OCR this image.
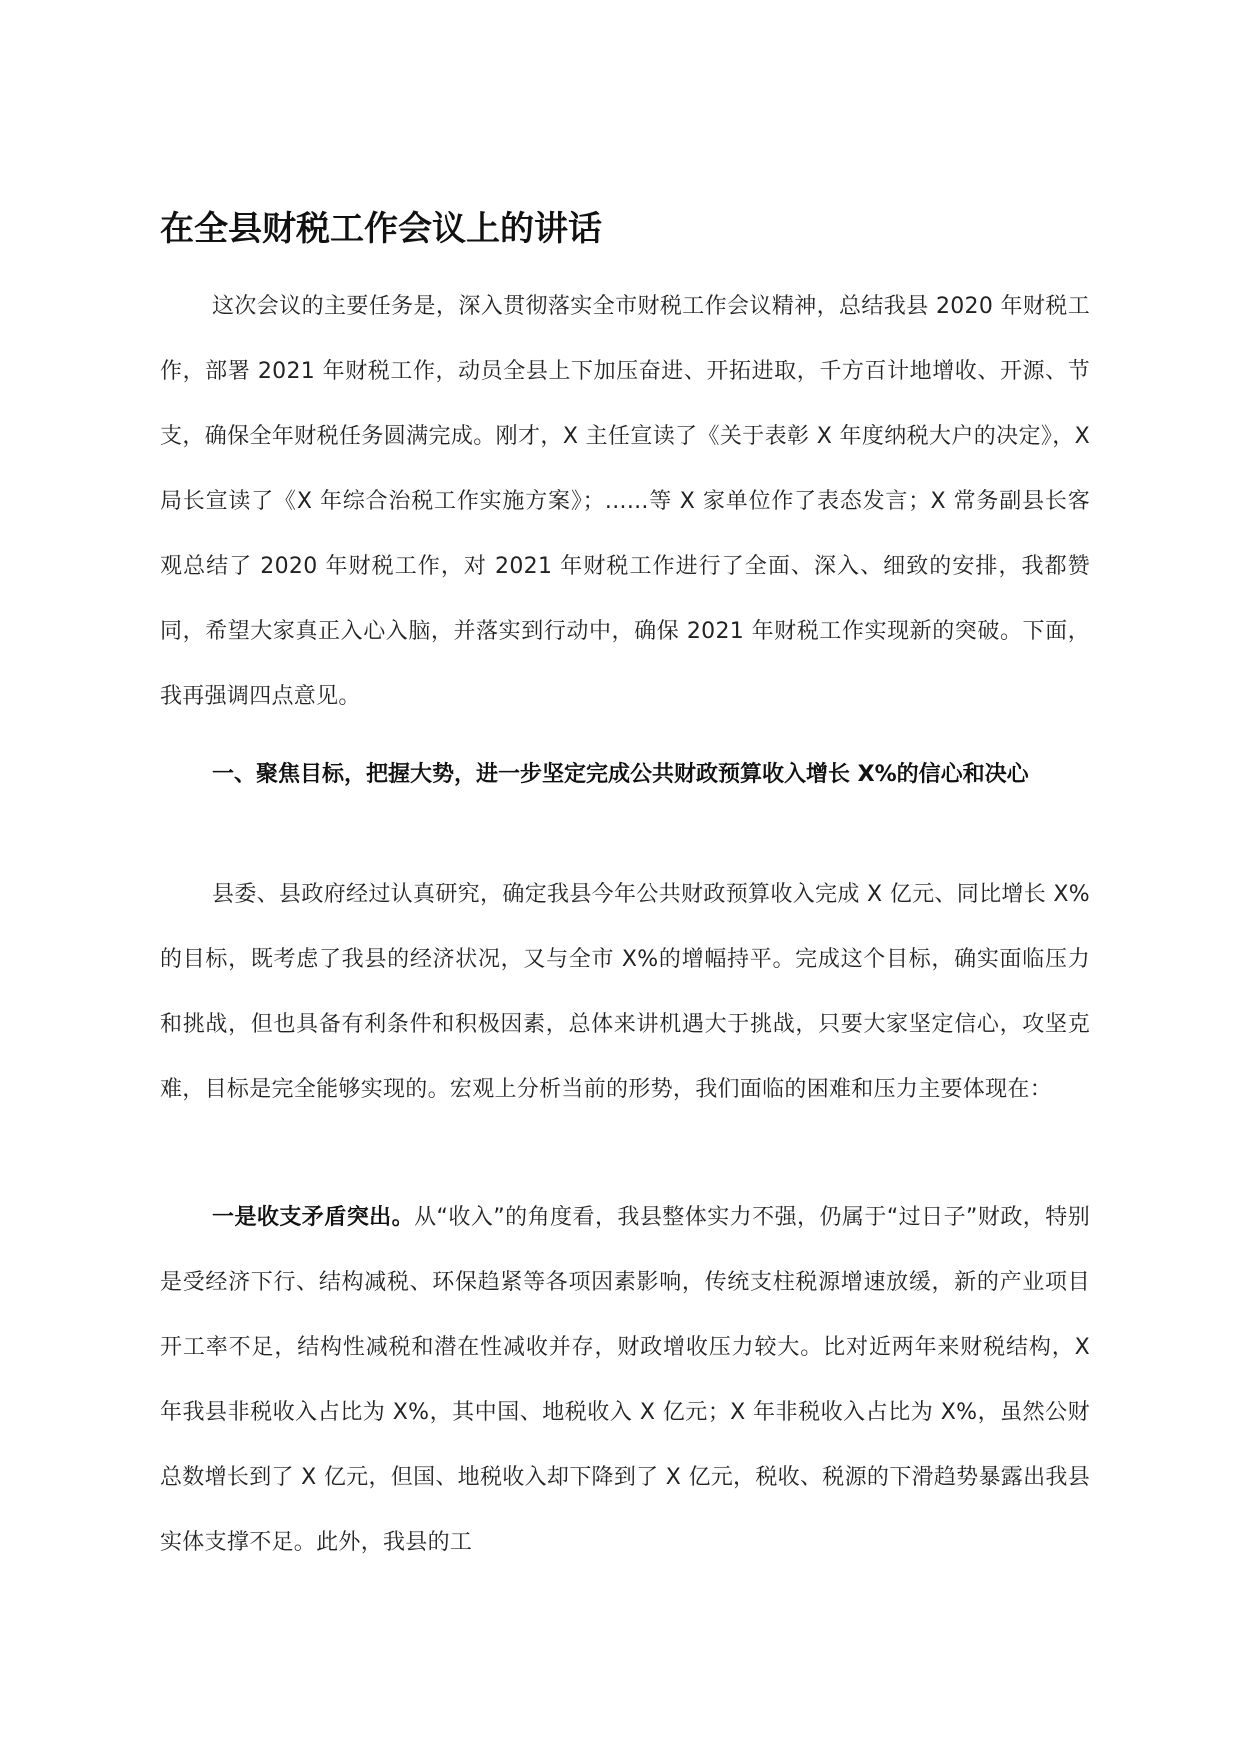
在全县财税工作会议上的讲话

这次会议的主要任务是，深入贯彻落实全市财税工作会议精神，总结我县 2020 年财税工作，部署 2021 年财税工作，动员全县上下加压奋进、开拓进取，千方百计地增收、开源、节支，确保全年财税任务圆满完成。刚才，X 主任宣读了《关于表彰 X 年度纳税大户的决定》，X 局长宣读了《X 年综合治税工作实施方案》；......等 X 家单位作了表态发言；X 常务副县长客观总结了 2020 年财税工作，对 2021 年财税工作进行了全面、深入、细致的安排，我都赞同，希望大家真正入心入脑，并落实到行动中，确保 2021 年财税工作实现新的突破。下面，我再强调四点意见。

一、聚焦目标，把握大势，进一步坚定完成公共财政预算收入增长 X%的信心和决心

县委、县政府经过认真研究，确定我县今年公共财政预算收入完成 X 亿元、同比增长 X%的目标，既考虑了我县的经济状况，又与全市 X%的增幅持平。完成这个目标，确实面临压力和挑战，但也具备有利条件和积极因素，总体来讲机遇大于挑战，只要大家坚定信心，攻坚克难，目标是完全能够实现的。宏观上分析当前的形势，我们面临的困难和压力主要体现在：

一是收支矛盾突出。从“收入”的角度看，我县整体实力不强，仍属于“过日子”财政，特别是受经济下行、结构减税、环保趋紧等各项因素影响，传统支柱税源增速放缓，新的产业项目开工率不足，结构性减税和潜在性减收并存，财政增收压力较大。比对近两年来财税结构，X 年我县非税收入占比为 X%，其中国、地税收入 X 亿元；X 年非税收入占比为 X%，虽然公财总数增长到了 X 亿元，但国、地税收入却下降到了 X 亿元，税收、税源的下滑趋势暴露出我县实体支撑不足。此外，我县的工
